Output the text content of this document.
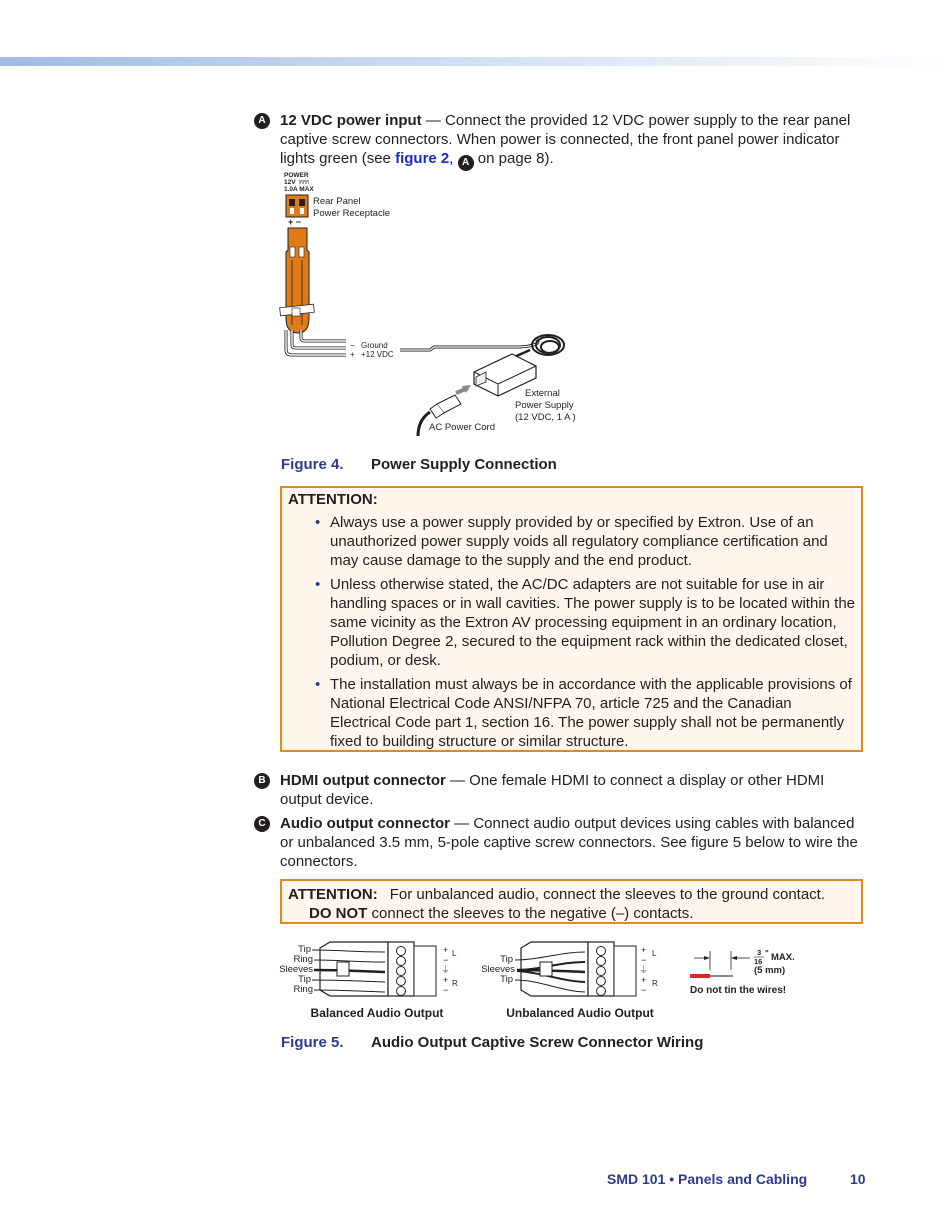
A 12 VDC power input — Connect the provided 12 VDC power supply to the rear panel captive screw connectors. When power is connected, the front panel power indicator lights green (see figure 2, A on page 8).
POWER
12V
1.0A MAX
+ −
Rear Panel
Power Receptacle
− Ground
+ +12 VDC
External
Power Supply
(12 VDC, 1 A )
AC Power Cord
Figure 4. Power Supply Connection
ATTENTION:
• Always use a power supply provided by or specified by Extron. Use of an unauthorized power supply voids all regulatory compliance certification and may cause damage to the supply and the end product.
• Unless otherwise stated, the AC/DC adapters are not suitable for use in air handling spaces or in wall cavities. The power supply is to be located within the same vicinity as the Extron AV processing equipment in an ordinary location, Pollution Degree 2, secured to the equipment rack within the dedicated closet, podium, or desk.
• The installation must always be in accordance with the applicable provisions of National Electrical Code ANSI/NFPA 70, article 725 and the Canadian Electrical Code part 1, section 16. The power supply shall not be permanently fixed to building structure or similar structure.
B HDMI output connector — One female HDMI to connect a display or other HDMI output device.
C Audio output connector — Connect audio output devices using cables with balanced or unbalanced 3.5 mm, 5-pole captive screw connectors. See figure 5 below to wire the connectors.
ATTENTION: For unbalanced audio, connect the sleeves to the ground contact.
DO NOT connect the sleeves to the negative (–) contacts.
Tip
Ring
Sleeves
Tip
Ring
+
−
⏚
+
−
L
R
Tip
Sleeves
Tip
+
−
⏚
+
−
L
R
3
16
" MAX.
(5 mm)
Do not tin the wires!
Balanced Audio Output	Unbalanced Audio Output
Figure 5. Audio Output Captive Screw Connector Wiring
SMD 101 • Panels and Cabling	10
